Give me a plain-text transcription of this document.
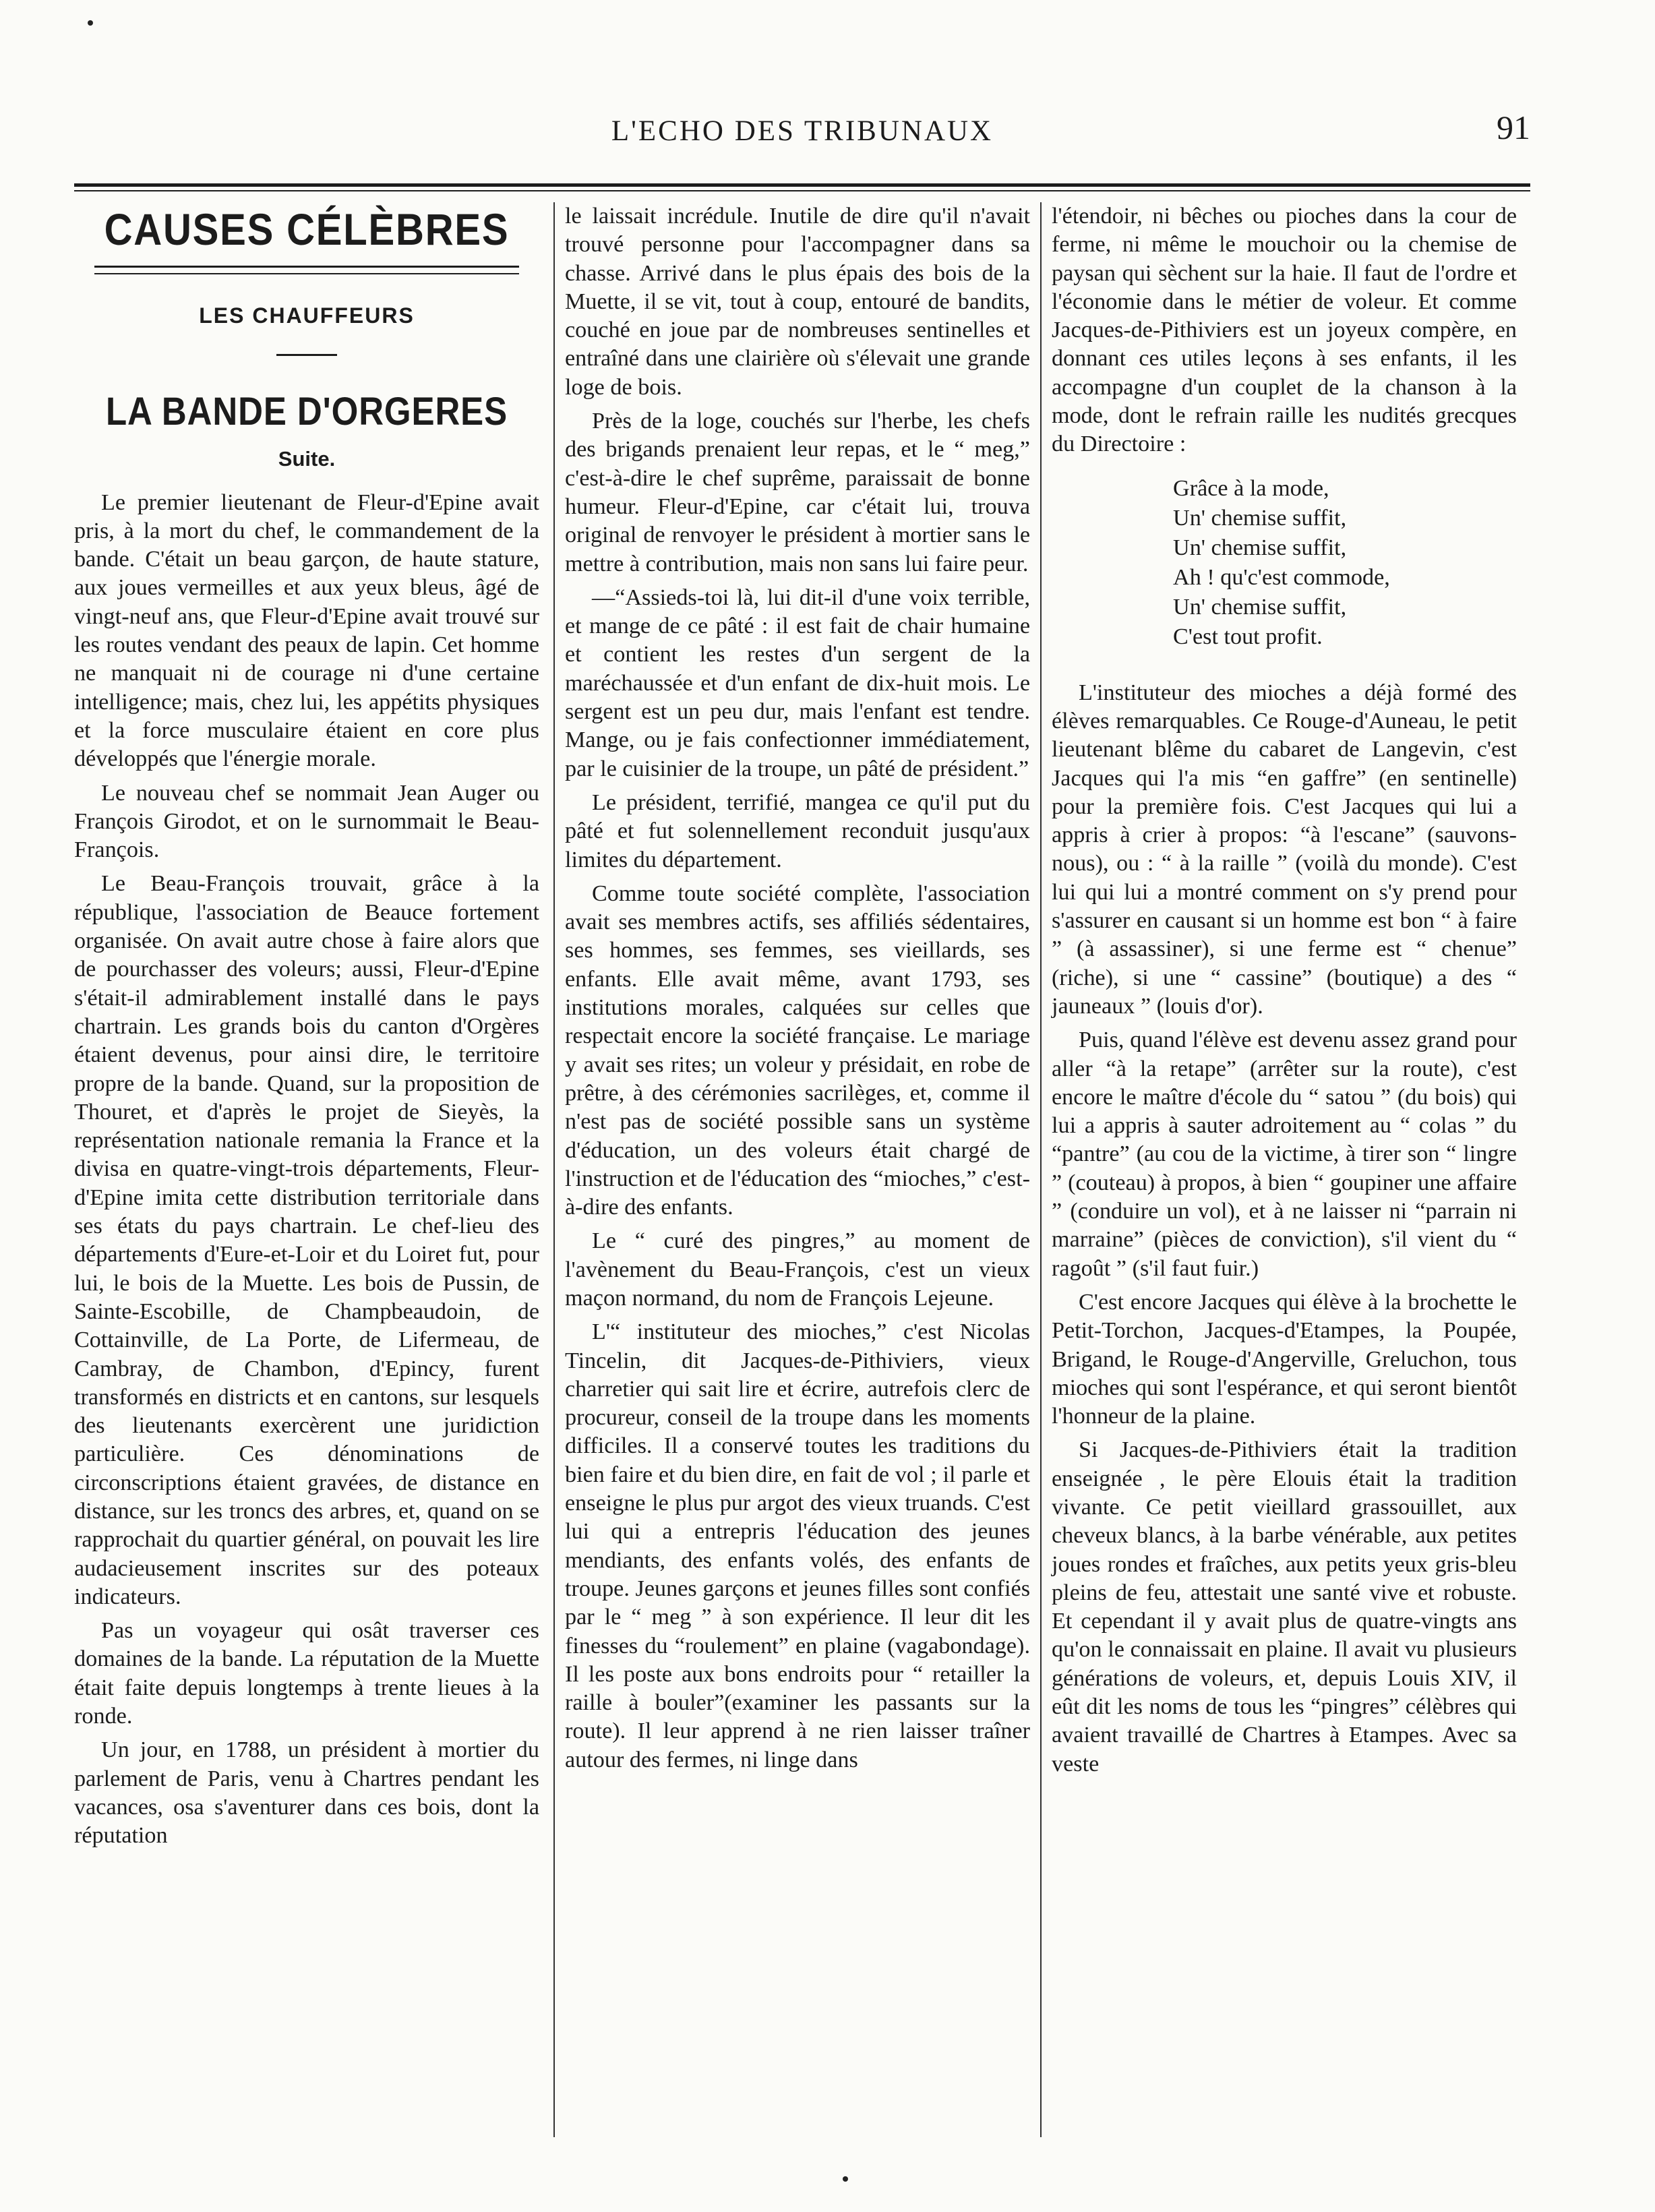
L'ECHO DES TRIBUNAUX	91
CAUSES CÉLÈBRES
LES CHAUFFEURS
LA BANDE D'ORGERES
Suite.

Le premier lieutenant de Fleur-d'Epine avait pris, à la mort du chef, le commandement de la bande. C'était un beau garçon, de haute stature, aux joues vermeilles et aux yeux bleus, âgé de vingt-neuf ans, que Fleur-d'Epine avait trouvé sur les routes vendant des peaux de lapin. Cet homme ne manquait ni de courage ni d'une certaine intelligence; mais, chez lui, les appétits physiques et la force musculaire étaient en core plus développés que l'énergie morale.

Le nouveau chef se nommait Jean Auger ou François Girodot, et on le surnommait le Beau-François.

Le Beau-François trouvait, grâce à la république, l'association de Beauce fortement organisée. On avait autre chose à faire alors que de pourchasser des voleurs; aussi, Fleur-d'Epine s'était-il admirablement installé dans le pays chartrain. Les grands bois du canton d'Orgères étaient devenus, pour ainsi dire, le territoire propre de la bande. Quand, sur la proposition de Thouret, et d'après le projet de Sieyès, la représentation nationale remania la France et la divisa en quatre-vingt-trois départements, Fleur-d'Epine imita cette distribution territoriale dans ses états du pays chartrain. Le chef-lieu des départements d'Eure-et-Loir et du Loiret fut, pour lui, le bois de la Muette. Les bois de Pussin, de Sainte-Escobille, de Champbeaudoin, de Cottainville, de La Porte, de Lifermeau, de Cambray, de Chambon, d'Epincy, furent transformés en districts et en cantons, sur lesquels des lieutenants exercèrent une juridiction particulière. Ces dénominations de circonscriptions étaient gravées, de distance en distance, sur les troncs des arbres, et, quand on se rapprochait du quartier général, on pouvait les lire audacieusement inscrites sur des poteaux indicateurs.

Pas un voyageur qui osât traverser ces domaines de la bande. La réputation de la Muette était faite depuis longtemps à trente lieues à la ronde.

Un jour, en 1788, un président à mortier du parlement de Paris, venu à Chartres pendant les vacances, osa s'aventurer dans ces bois, dont la réputation

le laissait incrédule. Inutile de dire qu'il n'avait trouvé personne pour l'accompagner dans sa chasse. Arrivé dans le plus épais des bois de la Muette, il se vit, tout à coup, entouré de bandits, couché en joue par de nombreuses sentinelles et entraîné dans une clairière où s'élevait une grande loge de bois.

Près de la loge, couchés sur l'herbe, les chefs des brigands prenaient leur repas, et le “ meg,” c'est-à-dire le chef suprême, paraissait de bonne humeur. Fleur-d'Epine, car c'était lui, trouva original de renvoyer le président à mortier sans le mettre à contribution, mais non sans lui faire peur.

—“Assieds-toi là, lui dit-il d'une voix terrible, et mange de ce pâté : il est fait de chair humaine et contient les restes d'un sergent de la maréchaussée et d'un enfant de dix-huit mois. Le sergent est un peu dur, mais l'enfant est tendre. Mange, ou je fais confectionner immédiatement, par le cuisinier de la troupe, un pâté de président.”

Le président, terrifié, mangea ce qu'il put du pâté et fut solennellement reconduit jusqu'aux limites du département.

Comme toute société complète, l'association avait ses membres actifs, ses affiliés sédentaires, ses hommes, ses femmes, ses vieillards, ses enfants. Elle avait même, avant 1793, ses institutions morales, calquées sur celles que respectait encore la société française. Le mariage y avait ses rites; un voleur y présidait, en robe de prêtre, à des cérémonies sacrilèges, et, comme il n'est pas de société possible sans un système d'éducation, un des voleurs était chargé de l'instruction et de l'éducation des “mioches,” c'est-à-dire des enfants.

Le “ curé des pingres,” au moment de l'avènement du Beau-François, c'est un vieux maçon normand, du nom de François Lejeune.

L'“ instituteur des mioches,” c'est Nicolas Tincelin, dit Jacques-de-Pithiviers, vieux charretier qui sait lire et écrire, autrefois clerc de procureur, conseil de la troupe dans les moments difficiles. Il a conservé toutes les traditions du bien faire et du bien dire, en fait de vol ; il parle et enseigne le plus pur argot des vieux truands. C'est lui qui a entrepris l'éducation des jeunes mendiants, des enfants volés, des enfants de troupe. Jeunes garçons et jeunes filles sont confiés par le “ meg ” à son expérience. Il leur dit les finesses du “roulement” en plaine (vagabondage). Il les poste aux bons endroits pour “ retailler la raille à bouler”(examiner les passants sur la route). Il leur apprend à ne rien laisser traîner autour des fermes, ni linge dans

l'étendoir, ni bêches ou pioches dans la cour de ferme, ni même le mouchoir ou la chemise de paysan qui sèchent sur la haie. Il faut de l'ordre et l'économie dans le métier de voleur. Et comme Jacques-de-Pithiviers est un joyeux compère, en donnant ces utiles leçons à ses enfants, il les accompagne d'un couplet de la chanson à la mode, dont le refrain raille les nudités grecques du Directoire :

Grâce à la mode,
Un' chemise suffit,
Un' chemise suffit,
Ah ! qu'c'est commode,
Un' chemise suffit,
C'est tout profit.

L'instituteur des mioches a déjà formé des élèves remarquables. Ce Rouge-d'Auneau, le petit lieutenant blême du cabaret de Langevin, c'est Jacques qui l'a mis “en gaffre” (en sentinelle) pour la première fois. C'est Jacques qui lui a appris à crier à propos: “à l'escane” (sauvons-nous), ou : “ à la raille ” (voilà du monde). C'est lui qui lui a montré comment on s'y prend pour s'assurer en causant si un homme est bon “ à faire ” (à assassiner), si une ferme est “ chenue” (riche), si une “ cassine” (boutique) a des “ jauneaux ” (louis d'or).

Puis, quand l'élève est devenu assez grand pour aller “à la retape” (arrêter sur la route), c'est encore le maître d'école du “ satou ” (du bois) qui lui a appris à sauter adroitement au “ colas ” du “pantre” (au cou de la victime, à tirer son “ lingre ” (couteau) à propos, à bien “ goupiner une affaire ” (conduire un vol), et à ne laisser ni “parrain ni marraine” (pièces de conviction), s'il vient du “ ragoût ” (s'il faut fuir.)

C'est encore Jacques qui élève à la brochette le Petit-Torchon, Jacques-d'Etampes, la Poupée, Brigand, le Rouge-d'Angerville, Greluchon, tous mioches qui sont l'espérance, et qui seront bientôt l'honneur de la plaine.

Si Jacques-de-Pithiviers était la tradition enseignée , le père Elouis était la tradition vivante. Ce petit vieillard grassouillet, aux cheveux blancs, à la barbe vénérable, aux petites joues rondes et fraîches, aux petits yeux gris-bleu pleins de feu, attestait une santé vive et robuste. Et cependant il y avait plus de quatre-vingts ans qu'on le connaissait en plaine. Il avait vu plusieurs générations de voleurs, et, depuis Louis XIV, il eût dit les noms de tous les “pingres” célèbres qui avaient travaillé de Chartres à Etampes. Avec sa veste
